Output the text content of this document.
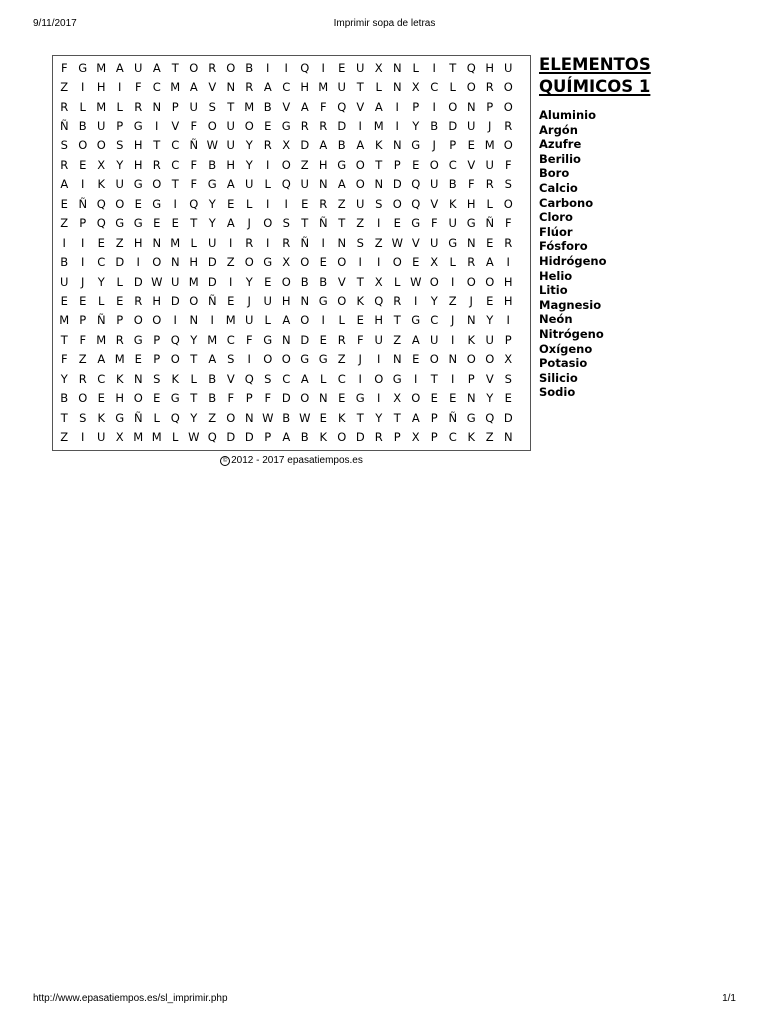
9/11/2017	Imprimir sopa de letras
F G M A U A T O R O B	I	I	Q	I	E U X N L	I	T Q H U
Z	I	H	I	F C M A V N R A C H M U T	L N X C L O R O
R L M L R N P U S T M B V A F Q V A	I	P	I	O N P O
Ñ B U P G	I	V F O U O E G R R D	I	M	I	Y B D U	J	R
S O O S H T C Ñ W U Y R X D A B A K N G	J	P E M O
R E X Y H R C F B H Y	I	O Z H G O T	P E O C V U F
A	I	K U G O T	F G A U L Q U N A O N D Q U B F R S
E Ñ Q O E G	I	Q Y E	L	I	I	E R Z U S O Q V K H L O
Z P Q G G E E T Y A	J	O S T Ñ T Z	I	E G F U G Ñ F
I	I	E Z H N M L U	I	R	I	R Ñ	I	N S Z W V U G N E R
B	I	C D	I	O N H D Z O G X O E O	I	I	O E X L R A	I
U	J	Y	L D W U M D	I	Y E O B B V T X L W O	I	O O H
E E	L	E R H D O Ñ E	J	U H N G O K Q R	I	Y Z	J	E H
M P Ñ P O O	I	N	I	M U L A O	I	L	E H T G C	J	N Y	I
T	F M R G P Q Y M C F G N D E R F U Z A U	I	K U P
F Z A M E P O T A S	I	O O G G Z	J	I	N E O N O O X
Y R C K N S K	L B V Q S C A L C	I	O G	I	T	I	P V S
B O E H O E G T B F	P	F D O N E G	I	X O E E N Y E
T S K G Ñ L Q Y Z O N W B W E K T Y T A P Ñ G Q D
Z	I	U X M M L W Q D D P A B K O D R P X P C K Z N
© 2012 - 2017 epasatiempos.es
ELEMENTOS
QUÍMICOS 1
Aluminio
Argón
Azufre
Berilio
Boro
Calcio
Carbono
Cloro
Flúor
Fósforo
Hidrógeno
Helio
Litio
Magnesio
Neón
Nitrógeno
Oxígeno
Potasio
Silicio
Sodio
http://www.epasatiempos.es/sl_imprimir.php	1/1
